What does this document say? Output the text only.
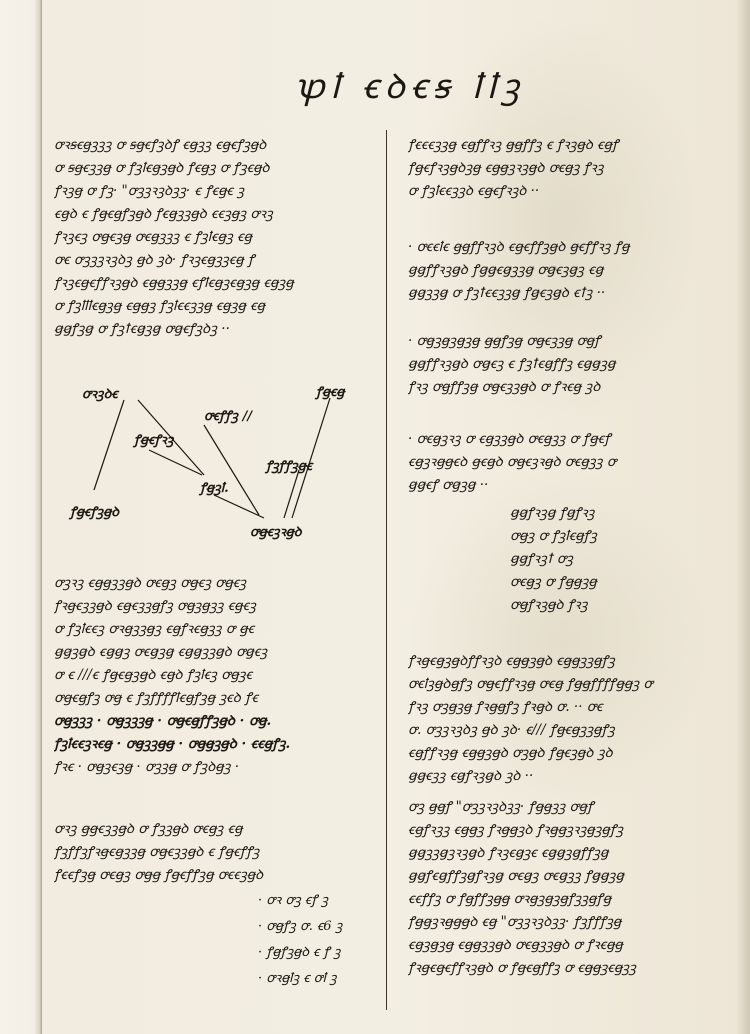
ꝕꝉ ꞓꝺꞓꞩ ꝉꝉꝫ
ꝍꝛꞩꞓꞡꝫꝫꝫ ꝍ ꞩꞡꞓꝭꝫꝺꝭ ꞓꞡꝫꝫ ꞓꞡꞓꝭꝫꞡꝺ
ꝍ ꞩꞡꞓꝫꝫꞡ ꝍ ꝭꝫꝉꞓꞡꝫꞡꝺ ꝭꞓꞡꝫ ꝍ ꝭꝫꞓꞡꝺ
ꝭꝛꝫꞡ ꝍ ꝭꝫ· "ꝍꝫꝫꝛꝫꝺꝫꝫ· ꞓ ꝭꞓꞡꞓ ꝫ
ꞓꞡꝺ ꞓ ꝭꞡꞓꞡꝭꝫꞡꝺ ꝭꞓꞡꝫꝫꞡꝺ ꞓꞓꝫꞡꝫ ꝍꝛꝫ
ꝭꝛꝫꞓꝫ ꝍꞡꞓꝫꞡ ꝍꞓꞡꝫꝫꝫ ꞓ ꝭꝫꝉꞓꞡꝫ ꞓꞡ
ꝍꞓ ꝍꝫꝫꝫꝛꝫꝺꝫ ꞡꝺ ꝫꝺ· ꝭꝛꝫꞓꞡꝫꝫꞓꞡ ꝭ
ꝭꝛꝫꞓꞡꞓꝭꝭꝛꝫꞡꝺ ꞓꞡꞡꝫꝫꞡ ꞓꝭꝉꞓꞡꝫꞓꞡꝫꞡ ꞓꞡꝫꞡ
ꝍ ꝭꝫꝉꝉꝉꞓꞡꝫꞡ ꞓꞡꞡꝫ ꝭꝫꝉꞓꞓꝫꝫꞡ ꞓꞡꝫꞡ ꞓꞡ
ꞡꞡꝭꝫꞡ ꝍ ꝭꝫꝉꞓꞡꝫꞡ ꝍꞡꞓꝭꝫꝺꝫ ··
ꝍꝛꝫꝺꞓ
ꝍꞓꝭꝭꝫ //
ꝭꞡꞓꞡ
ꝭꞡꞓꝭꝛꝫ
ꝭꝫꝭꝭꝫꞡꞓ
ꝭꞡꝫꝉ.
ꝭꞡꞓꝭꝫꞡꝺ
ꝍꞡꞓꝫꝛꞡꝺ
ꝍꝫꝛꝫ ꞓꞡꞡꝫꝫꞡꝺ ꝍꞓꞡꝫ ꝍꞡꞓꝫ ꝍꞡꞓꝫ
ꝭꝛꞡꞓꝫꝫꞡꝺ ꞓꞡꞓꝫꝫꞡꝭꝫ ꝍꞡꝫꞡꝫꝫ ꞓꞡꞓꝫ
ꝍ ꝭꝫꝉꞓꞓꝫ ꝍꝛꞡꝫꝫꞡꝫ ꞓꞡꝭꝛꞓꞡꝫꝫ ꝍ ꞡꞓ
ꞡꞡꝫꞡꝺ ꞓꞡꞡꝫ ꝍꞓꞡꝫꞡ ꞓꞡꞡꝫꝫꞡꝺ ꝍꞡꞓꝫ
ꝍ ꞓ ///ꞓ ꝭꞡꞓꞡꝫꞡꝺ ꞓꞡꝺ ꝭꝫꝉꞓꝫ ꝍꞡꝫꞓ
ꝍꞡꞓꞡꝭꝫ ꝍꞡ ꞓ ꝭꝫꝭꝭꝭꝭꝉꞓꞡꝭꝫꞡ ꝫꞓꝺ ꝭꞓ
ꝍꞡꝫꝫꝫ · ꝍꞡꝫꝫꝫꞡ · ꝍꞡꞓꞡꝭꝭꝫꞡꝺ · ꝍꞡ.
ꝭꝫꝉꞓꞓꝫꝛꞓꞡ · ꝍꞡꝫꝫꞡꞡ · ꝍꞡꞡꝫꞡꝺ · ꞓꞓꞡꝭꝫ.
ꝭꝛꞓ · ꝍꞡꝫꞓꝫꞡ · ꝍꝫꝫꞡ ꝍ ꝭꝫꝺꞡꝫ ·
ꝍꝛꝫ ꞡꞡꞓꝫꝫꞡꝺ ꝍ ꝭꝫꝫꞡꝺ ꝍꞓꞡꝫ ꞓꞡ
ꝭꝫꝭꝭꝫꝭꝛꞡꞓꞡꝫꝫꞡ ꝍꞡꞓꝫꝫꞡꝺ ꞓ ꝭꞡꞓꝭꝭꝫ
ꝭꞓꞓꝭꝫꞡ ꝍꞓꞡꝫ ꝍꞡꞡ ꝭꞡꞓꝭꝭꝫꞡ ꝍꞓꞓꝫꞡꝺ
· ꝍꝛ ꝍꝫ ꞓꝭ ꝫ
· ꝍꞡꝭꝫ ꝍ. ꞓ6 ꝫ
· ꝭꞡꝭꝫꞡꝺ ꞓ ꝭ ꝫ
· ꝍꝛꞡꝉꝫ ꞓ ꝍꝉ ꝫ
ꝭꞓꞓꞓꝫꝫꞡ ꞓꞡꝭꝭꝛꝫ ꞡꞡꝭꝭꝫ ꞓ ꝭꝛꝫꞡꝺ ꞓꞡꝭ
ꝭꞡꞓꝭꝛꝫꞡꝺꝫꞡ ꞓꞡꞡꝫꝛꝫꞡꝺ ꝍꞓꞡꝫ ꝭꝛꝫ
ꝍ ꝭꝫꝉꞓꞓꝫꝫꝺ ꞓꞡꞓꝭꝛꝫꝺ ··
· ꝍꞓꞓꝉꞓ ꞡꞡꝭꝭꝛꝫꝺ ꞓꞡꞓꝭꝭꝫꞡꝺ ꞡꞓꝭꝭꝛꝫ ꝭꞡ
ꞡꞡꝭꝭꝛꝫꞡꝺ ꝭꞡꞡꞓꞡꝫꝫꞡ ꝍꞡꞓꝫꞡꝫ ꞓꞡ
ꞡꞡꝫꝫꞡ ꝍ ꝭꝫꝉꞓꞓꝫꝫꞡ ꝭꞡꞓꝫꞡꝺ ꞓꝉꝫ ··
· ꝍꞡꝫꞡꝫꞡꝫꞡ ꞡꞡꝭꝫꞡ ꝍꞡꞓꝫꝫꞡ ꝍꞡꝭ
ꞡꞡꝭꝭꝛꝫꞡꝺ ꝍꞡꞓꝫ ꞓ ꝭꝫꝉꞓꞡꝭꝭꝫ ꞓꞡꞡꝫꞡ
ꝭꝛꝫ ꝍꞡꝭꝭꝫꞡ ꝍꞡꞓꝫꝫꞡꝺ ꝍ ꝭꝛꞓꞡ ꝫꝺ
· ꝍꞓꞡꝫꝛꝫ ꝍ ꞓꞡꝫꝫꞡꝺ ꝍꞓꞡꝫꝫ ꝍ ꝭꞡꞓꝭ
ꞓꞡꝫꝛꞡꞡꞓꝺ ꞡꞓꞡꝺ ꝍꞡꞓꝫꝛꞡꝺ ꝍꞓꞡꝫꝫ ꝍ
ꞡꞡꞓꝭ ꝍꞡꝫꞡ ··
ꞡꞡꝭꝛꝫꞡ ꝭꞡꝭꝛꝫ
ꝍꞡꝫ ꝍ ꝭꝫꝉꞓꞡꝭꝫ
ꞡꞡꝭꝛꝫꝉ ꝍꝫ
ꝍꞓꞡꝫ ꝍ ꝭꞡꞡꝫꞡ
ꝍꞡꝭꝛꝫꞡꝺ ꝭꝛꝫ
ꝭꝛꞡꞓꞡꝫꞡꝺꝭꝭꝛꝫꝺ ꞓꞡꞡꝫꞡꝺ ꞓꞡꞡꝫꝫꞡꝭꝫ
ꝍꞓꝉꝫꞡꝺꞡꝭꝫ ꝍꞡꞓꝭꝭꝛꝫꞡ ꝍꞓꞡ ꝭꞡꞡꝭꝭꝭꝭꞡꞡꝫ ꝍ
ꝭꝛꝫ ꝍꝫꞡꝫꞡ ꝭꝛꞡꞡꝭꝫ ꝭꝛꞡꝺ ꝍ. ·· ꝍꞓ
ꝍ. ꝍꝫꝫꝛꝫꝺꝫ ꞡꝺ ꝫꝺ· ꞓ/// ꝭꞡꞓꞡꝫꝫꞡꝭꝫ
ꞓꞡꝭꝭꝛꝫꞡ ꞓꞡꞡꝫꞡꝺ ꝍꝫꞡꝺ ꝭꞡꞓꝫꞡꝺ ꝫꝺ
ꞡꞡꞓꝫꝫ ꞓꞡꝭꝛꝫꞡꝺ ꝫꝺ ··
ꝍꝫ ꞡꞡꝭ "ꝍꝫꝫꝛꝫꝺꝫꝫ· ꝭꞡꞡꝫꝫ ꝍꞡꝭ
ꞓꞡꝭꝛꝫꝫ ꞓꞡꞡꝫ ꝭꝛꞡꞡꝫꝺ ꝭꝛꞡꞡꝫꝛꝫꞡꝫꞡꝭꝫ
ꞡꞡꝫꝫꞡꝫꝛꝫꞡꝺ ꝭꝛꝫꞓꞡꝫꞓ ꞓꞡꞡꝫꞡꝭꝭꝫꞡ
ꞡꞡꝭꞓꞡꝭꝭꝫꞡꝭꝛꝫꞡ ꝍꞓꞡꝫ ꝍꞓꞡꝫꝫ ꝭꞡꞡꝫꞡ
ꞓꞓꝭꝭꝫ ꝍ ꝭꞡꝭꝭꝫꞡꞡ ꝍꝛꞡꝫꞡꝫꞡꝭꝫꝫꞡꝭꞡ
ꝭꞡꞡꝫꝛꞡꞡꞡꝺ ꞓꞡ "ꝍꝫꝫꝛꝫꝺꝫꝫ· ꝭꝫꝭꝭꝭꝫꞡ
ꞓꞡꝫꞡꝫꞡ ꞓꞡꞡꝫꝫꞡꝺ ꝍꞓꞡꝫꝫꞡꝺ ꝍ ꝭꝛꞓꞡꞡ
ꝭꝛꞡꞓꞡꞓꝭꝭꝛꝫꞡꝺ ꝍ ꝭꞡꞓꞡꝭꝭꝫ ꝍ ꞓꞡꞡꝫꞓꞡꝫꝫ
